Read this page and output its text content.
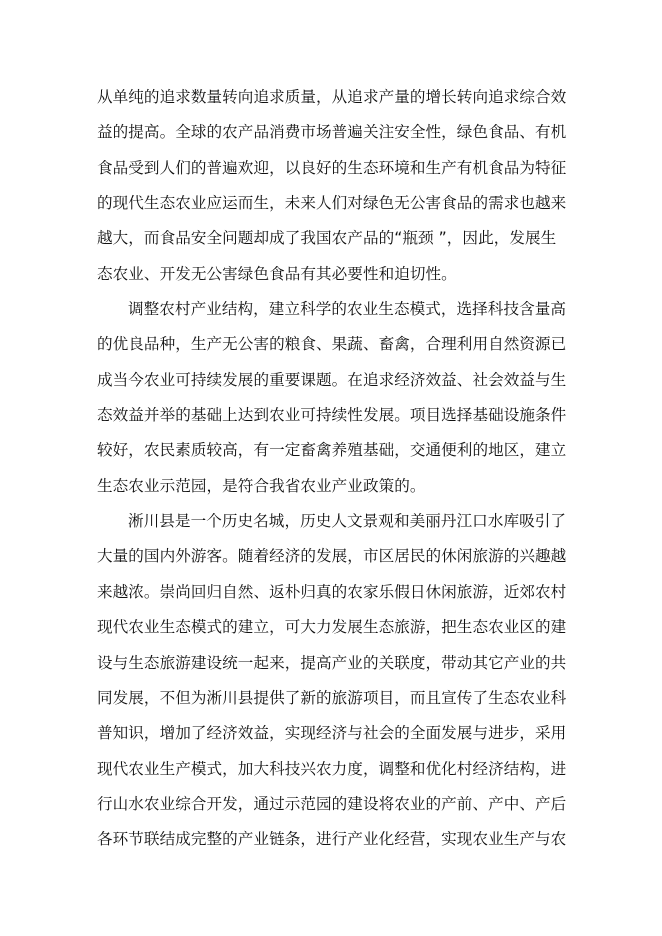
从单纯的追求数量转向追求质量，从追求产量的增长转向追求综合效
益的提高。全球的农产品消费市场普遍关注安全性，绿色食品、有机
食品受到人们的普遍欢迎，以良好的生态环境和生产有机食品为特征
的现代生态农业应运而生，未来人们对绿色无公害食品的需求也越来
越大，而食品安全问题却成了我国农产品的“瓶颈 ”，因此，发展生
态农业、开发无公害绿色食品有其必要性和迫切性。
调整农村产业结构，建立科学的农业生态模式，选择科技含量高
的优良品种，生产无公害的粮食、果蔬、畜禽，合理利用自然资源已
成当今农业可持续发展的重要课题。在追求经济效益、社会效益与生
态效益并举的基础上达到农业可持续性发展。项目选择基础设施条件
较好，农民素质较高，有一定畜禽养殖基础，交通便利的地区，建立
生态农业示范园，是符合我省农业产业政策的。
淅川县是一个历史名城，历史人文景观和美丽丹江口水库吸引了
大量的国内外游客。随着经济的发展，市区居民的休闲旅游的兴趣越
来越浓。崇尚回归自然、返朴归真的农家乐假日休闲旅游，近郊农村
现代农业生态模式的建立，可大力发展生态旅游，把生态农业区的建
设与生态旅游建设统一起来，提高产业的关联度，带动其它产业的共
同发展，不但为淅川县提供了新的旅游项目，而且宣传了生态农业科
普知识，增加了经济效益，实现经济与社会的全面发展与进步，采用
现代农业生产模式，加大科技兴农力度，调整和优化村经济结构，进
行山水农业综合开发，通过示范园的建设将农业的产前、产中、产后
各环节联结成完整的产业链条，进行产业化经营，实现农业生产与农
